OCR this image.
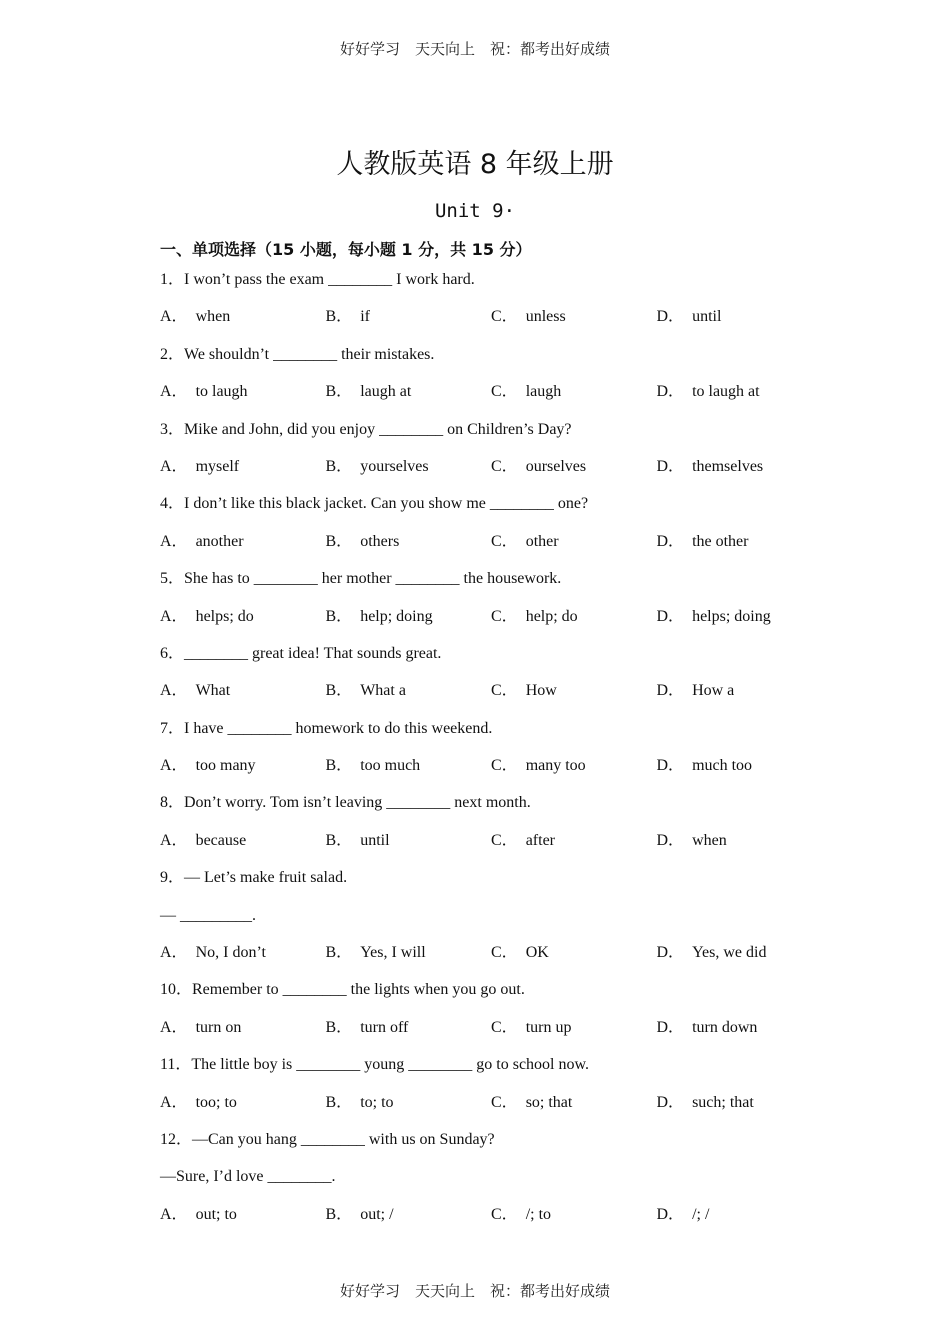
好好学习　天天向上　祝：都考出好成绩
人教版英语 8 年级上册
Unit 9·
一、单项选择（15 小题，每小题 1 分，共 15 分）
1．I won’t pass the exam ________ I work hard.
A． when	B． if	C． unless	D． until
2．We shouldn’t ________ their mistakes.
A． to laugh	B． laugh at	C． laugh	D． to laugh at
3．Mike and John, did you enjoy ________ on Children’s Day?
A． myself	B． yourselves	C． ourselves	D． themselves
4．I don’t like this black jacket. Can you show me ________ one?
A． another	B． others	C． other	D． the other
5．She has to ________ her mother ________ the housework.
A． helps; do	B． help; doing	C． help; do	D． helps; doing
6．________ great idea! That sounds great.
A． What	B． What a	C． How	D． How a
7．I have ________ homework to do this weekend.
A． too many	B． too much	C． many too	D． much too
8．Don’t worry. Tom isn’t leaving ________ next month.
A． because	B． until	C． after	D． when
9．— Let’s make fruit salad.
— _________.
A． No, I don’t	B． Yes, I will	C． OK	D． Yes, we did
10．Remember to ________ the lights when you go out.
A． turn on	B． turn off	C． turn up	D． turn down
11．The little boy is ________ young ________ go to school now.
A． too; to	B． to; to	C． so; that	D． such; that
12．—Can you hang ________ with us on Sunday?
—Sure, I’d love ________.
A． out; to	B． out; /	C． /; to	D． /; /
好好学习　天天向上　祝：都考出好成绩
